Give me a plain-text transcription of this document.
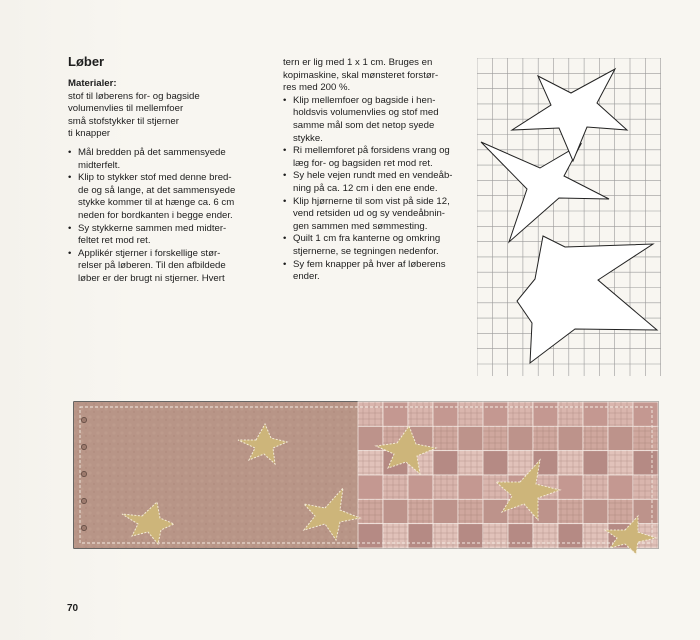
Løber
Materialer:
stof til løberens for- og bagside
volumenvlies til mellemfoer
små stofstykker til stjerner
ti knapper
• Mål bredden på det sammensyede
midterfelt.
• Klip to stykker stof med denne bred-
de og så lange, at det sammensyede
stykke kommer til at hænge ca. 6 cm
neden for bordkanten i begge ender.
• Sy stykkerne sammen med midter-
feltet ret mod ret.
• Applikér stjerner i forskellige stør-
relser på løberen. Til den afbildede
løber er der brugt ni stjerner. Hvert
tern er lig med 1 x 1 cm. Bruges en
kopimaskine, skal mønsteret forstør-
res med 200 %.
• Klip mellemfoer og bagside i hen-
holdsvis volumenvlies og stof med
samme mål som det netop syede
stykke.
• Ri mellemforet på forsidens vrang og
læg for- og bagsiden ret mod ret.
• Sy hele vejen rundt med en vendeåb-
ning på ca. 12 cm i den ene ende.
• Klip hjørnerne til som vist på side 12,
vend retsiden ud og sy vendeåbnin-
gen sammen med sømmesting.
• Quilt 1 cm fra kanterne og omkring
stjernerne, se tegningen nedenfor.
• Sy fem knapper på hver af løberens
ender.
70
